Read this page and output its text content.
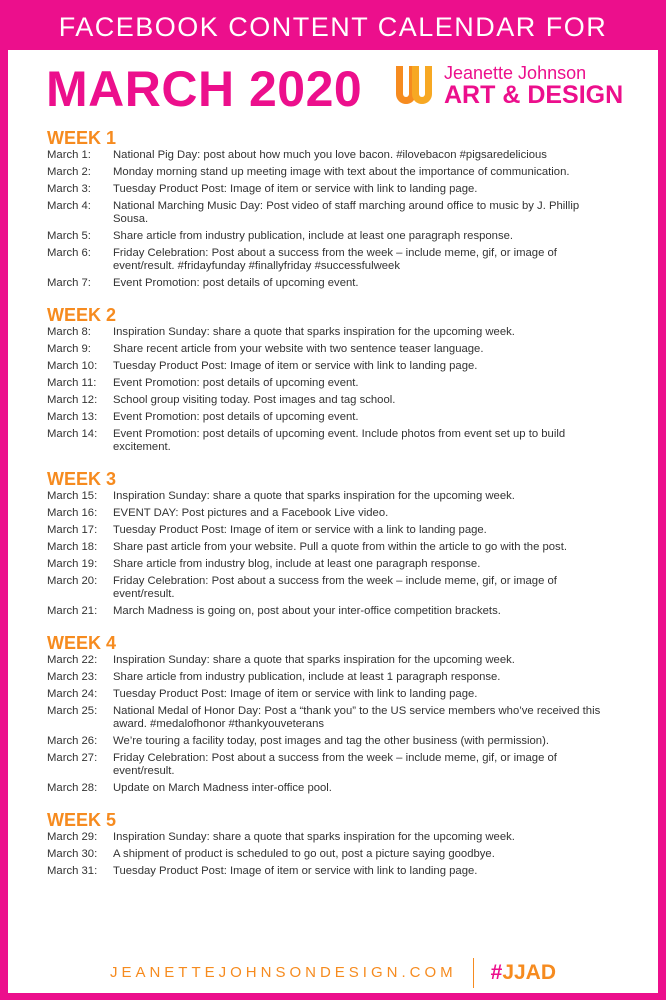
FACEBOOK CONTENT CALENDAR FOR
MARCH 2020	Jeanette Johnson
ART & DESIGN
WEEK 1
March 1:	National Pig Day: post about how much you love bacon. #ilovebacon #pigsaredelicious
March 2:	Monday morning stand up meeting image with text about the importance of communication.
March 3:	Tuesday Product Post: Image of item or service with link to landing page.
March 4:	National Marching Music Day: Post video of staff marching around office to music by J. Phillip Sousa.
March 5:	Share article from industry publication, include at least one paragraph response.
March 6:	Friday Celebration: Post about a success from the week – include meme, gif, or image of event/result. #fridayfunday #finallyfriday #successfulweek
March 7:	Event Promotion: post details of upcoming event.
WEEK 2
March 8:	Inspiration Sunday: share a quote that sparks inspiration for the upcoming week.
March 9:	Share recent article from your website with two sentence teaser language.
March 10:	Tuesday Product Post: Image of item or service with link to landing page.
March 11:	Event Promotion: post details of upcoming event.
March 12:	School group visiting today. Post images and tag school.
March 13:	Event Promotion: post details of upcoming event.
March 14:	Event Promotion: post details of upcoming event. Include photos from event set up to build excitement.
WEEK 3
March 15:	Inspiration Sunday: share a quote that sparks inspiration for the upcoming week.
March 16:	EVENT DAY: Post pictures and a Facebook Live video.
March 17:	Tuesday Product Post: Image of item or service with a link to landing page.
March 18:	Share past article from your website. Pull a quote from within the article to go with the post.
March 19:	Share article from industry blog, include at least one paragraph response.
March 20:	Friday Celebration: Post about a success from the week – include meme, gif, or image of event/result.
March 21:	March Madness is going on, post about your inter-office competition brackets.
WEEK 4
March 22:	Inspiration Sunday: share a quote that sparks inspiration for the upcoming week.
March 23:	Share article from industry publication, include at least 1 paragraph response.
March 24:	Tuesday Product Post: Image of item or service with link to landing page.
March 25:	National Medal of Honor Day: Post a “thank you” to the US service members who’ve received this award. #medalofhonor #thankyouveterans
March 26:	We’re touring a facility today, post images and tag the other business (with permission).
March 27:	Friday Celebration: Post about a success from the week – include meme, gif, or image of event/result.
March 28:	Update on March Madness inter-office pool.
WEEK 5
March 29:	Inspiration Sunday: share a quote that sparks inspiration for the upcoming week.
March 30:	A shipment of product is scheduled to go out, post a picture saying goodbye.
March 31:	Tuesday Product Post: Image of item or service with link to landing page.
JEANETTEJOHNSONDESIGN.COM	#JJAD
